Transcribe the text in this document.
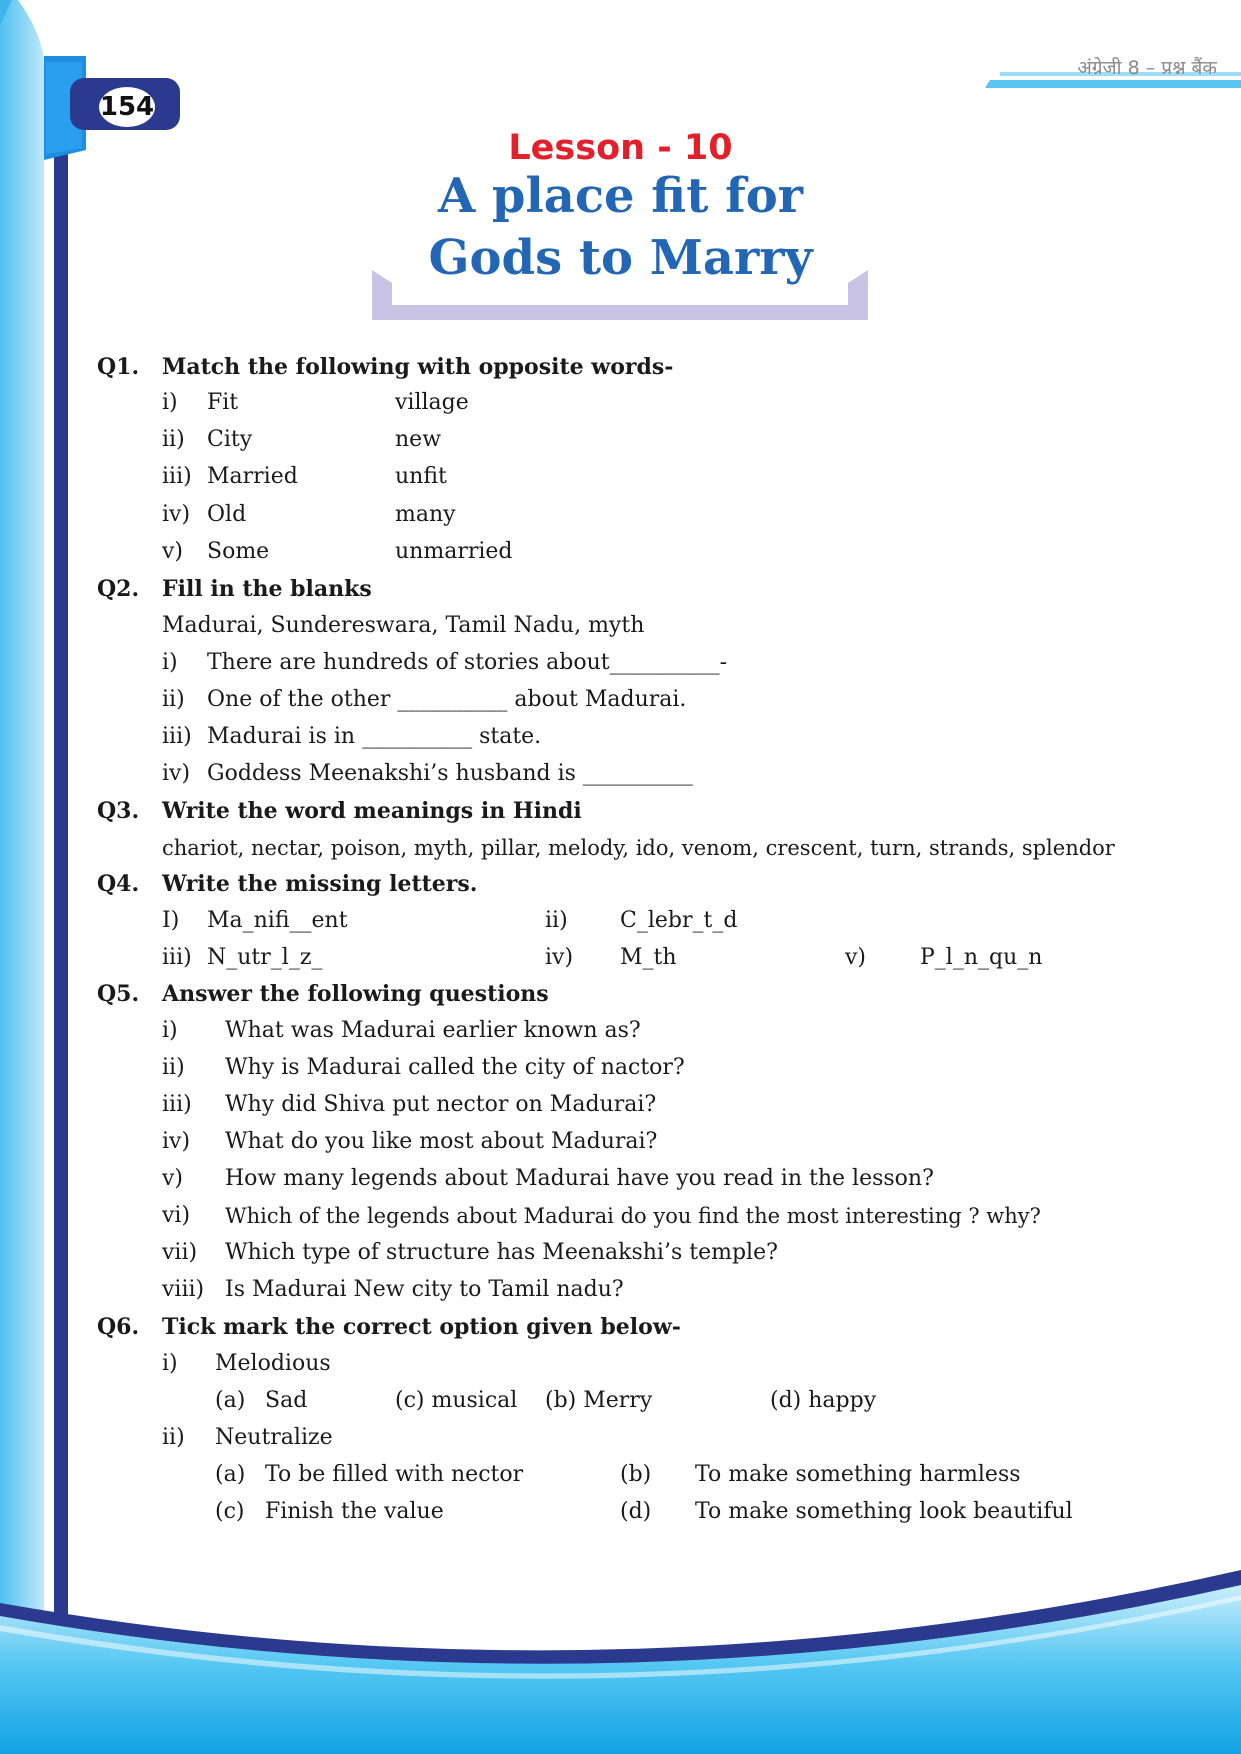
अंग्रेजी 8 – प्रश्न बैंक
154
Lesson - 10
A place fit for
Gods to Marry
Q1. Match the following with opposite words-
i) Fit	village
ii) City	new
iii) Married	unfit
iv) Old	many
v) Some	unmarried
Q2. Fill in the blanks
Madurai, Sundereswara, Tamil Nadu, myth
i) There are hundreds of stories about__________-
ii) One of the other __________ about Madurai.
iii) Madurai is in __________ state.
iv) Goddess Meenakshi’s husband is __________
Q3. Write the word meanings in Hindi
chariot, nectar, poison, myth, pillar, melody, ido, venom, crescent, turn, strands, splendor
Q4. Write the missing letters.
I) Ma_nifi__ent	ii) C_lebr_t_d
iii) N_utr_l_z_	iv) M_th	v) P_l_n_qu_n
Q5. Answer the following questions
i) What was Madurai earlier known as?
ii) Why is Madurai called the city of nactor?
iii) Why did Shiva put nector on Madurai?
iv) What do you like most about Madurai?
v) How many legends about Madurai have you read in the lesson?
vi) Which of the legends about Madurai do you find the most interesting ? why?
vii) Which type of structure has Meenakshi’s temple?
viii) Is Madurai New city to Tamil nadu?
Q6. Tick mark the correct option given below-
i) Melodious
(a) Sad	(c) musical (b) Merry	(d) happy
ii) Neutralize
(a) To be filled with nector	(b) To make something harmless
(c) Finish the value	(d) To make something look beautiful
